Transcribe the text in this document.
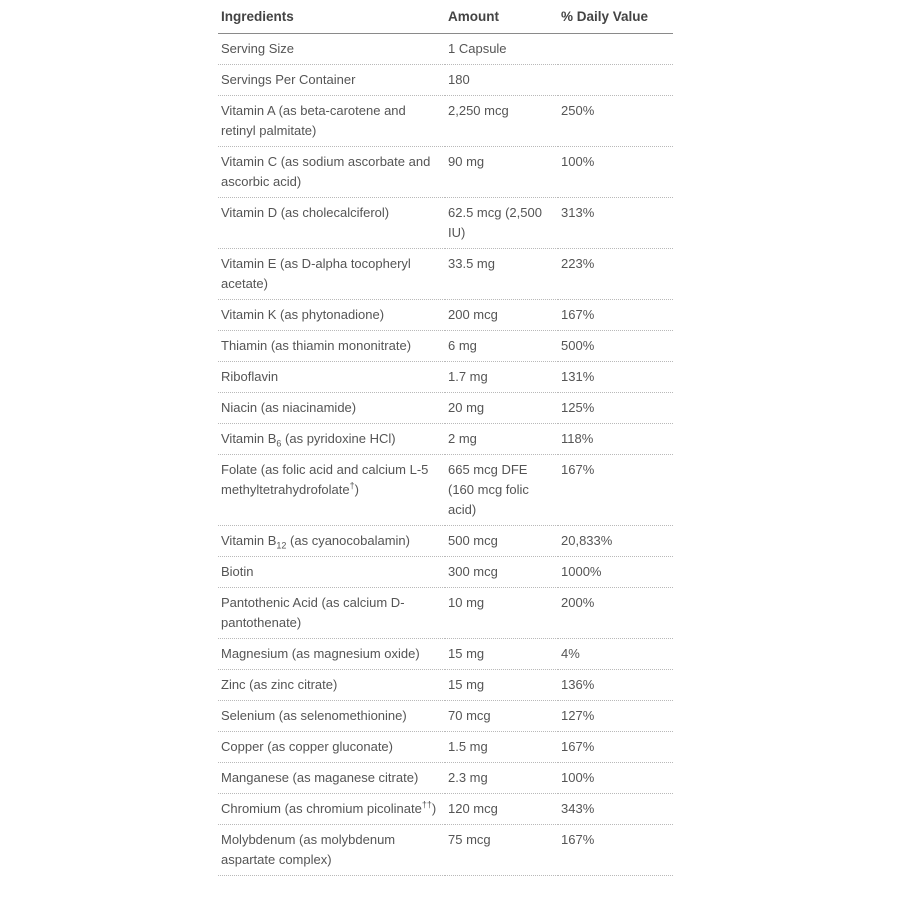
Ingredients	Amount	% Daily Value
Serving Size	1 Capsule	
Servings Per Container	180	
Vitamin A (as beta-carotene and retinyl palmitate)	2,250 mcg	250%
Vitamin C (as sodium ascorbate and ascorbic acid)	90 mg	100%
Vitamin D (as cholecalciferol)	62.5 mcg (2,500 IU)	313%
Vitamin E (as D-alpha tocopheryl acetate)	33.5 mg	223%
Vitamin K (as phytonadione)	200 mcg	167%
Thiamin (as thiamin mononitrate)	6 mg	500%
Riboflavin	1.7 mg	131%
Niacin (as niacinamide)	20 mg	125%
Vitamin $B_6$ (as pyridoxine HCl)	2 mg	118%
Folate (as folic acid and calcium L-5 methyltetrahydrofolate†)	665 mcg DFE (160 mcg folic acid)	167%
Vitamin $B_{12}$ (as cyanocobalamin)	500 mcg	20,833%
Biotin	300 mcg	1000%
Pantothenic Acid (as calcium D-pantothenate)	10 mg	200%
Magnesium (as magnesium oxide)	15 mg	4%
Zinc (as zinc citrate)	15 mg	136%
Selenium (as selenomethionine)	70 mcg	127%
Copper (as copper gluconate)	1.5 mg	167%
Manganese (as maganese citrate)	2.3 mg	100%
Chromium (as chromium picolinate††)	120 mcg	343%
Molybdenum (as molybdenum aspartate complex)	75 mcg	167%
